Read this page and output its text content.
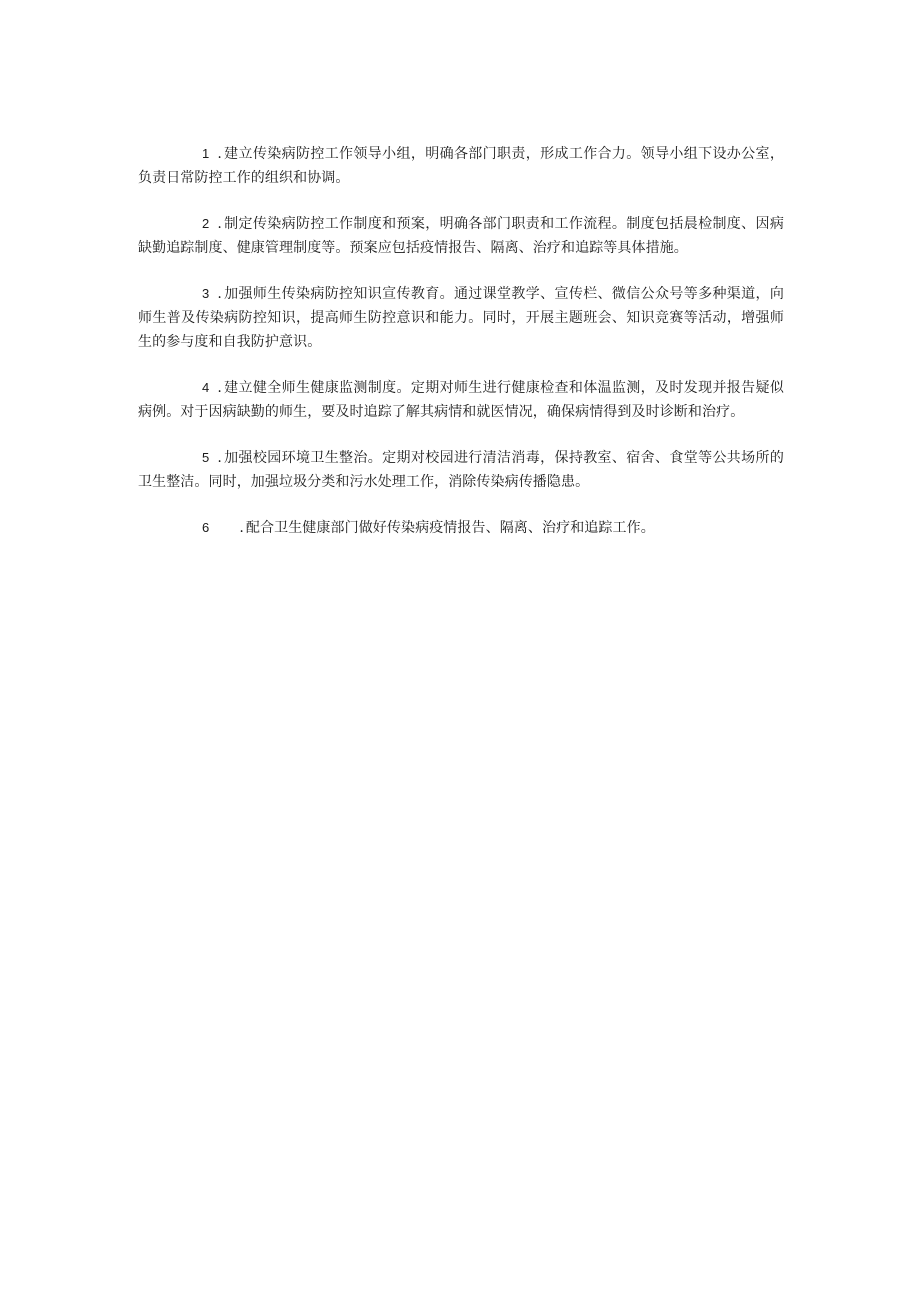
1 . 建立传染病防控工作领导小组，明确各部门职责，形成工作合力。领导小组下设办公室，负责日常防控工作的组织和协调。

2 . 制定传染病防控工作制度和预案，明确各部门职责和工作流程。制度包括晨检制度、因病缺勤追踪制度、健康管理制度等。预案应包括疫情报告、隔离、治疗和追踪等具体措施。

3 . 加强师生传染病防控知识宣传教育。通过课堂教学、宣传栏、微信公众号等多种渠道，向师生普及传染病防控知识，提高师生防控意识和能力。同时，开展主题班会、知识竞赛等活动，增强师生的参与度和自我防护意识。

4 . 建立健全师生健康监测制度。定期对师生进行健康检查和体温监测，及时发现并报告疑似病例。对于因病缺勤的师生，要及时追踪了解其病情和就医情况，确保病情得到及时诊断和治疗。

5 . 加强校园环境卫生整治。定期对校园进行清洁消毒，保持教室、宿舍、食堂等公共场所的卫生整洁。同时，加强垃圾分类和污水处理工作，消除传染病传播隐患。

6 . 配合卫生健康部门做好传染病疫情报告、隔离、治疗和追踪工作。
